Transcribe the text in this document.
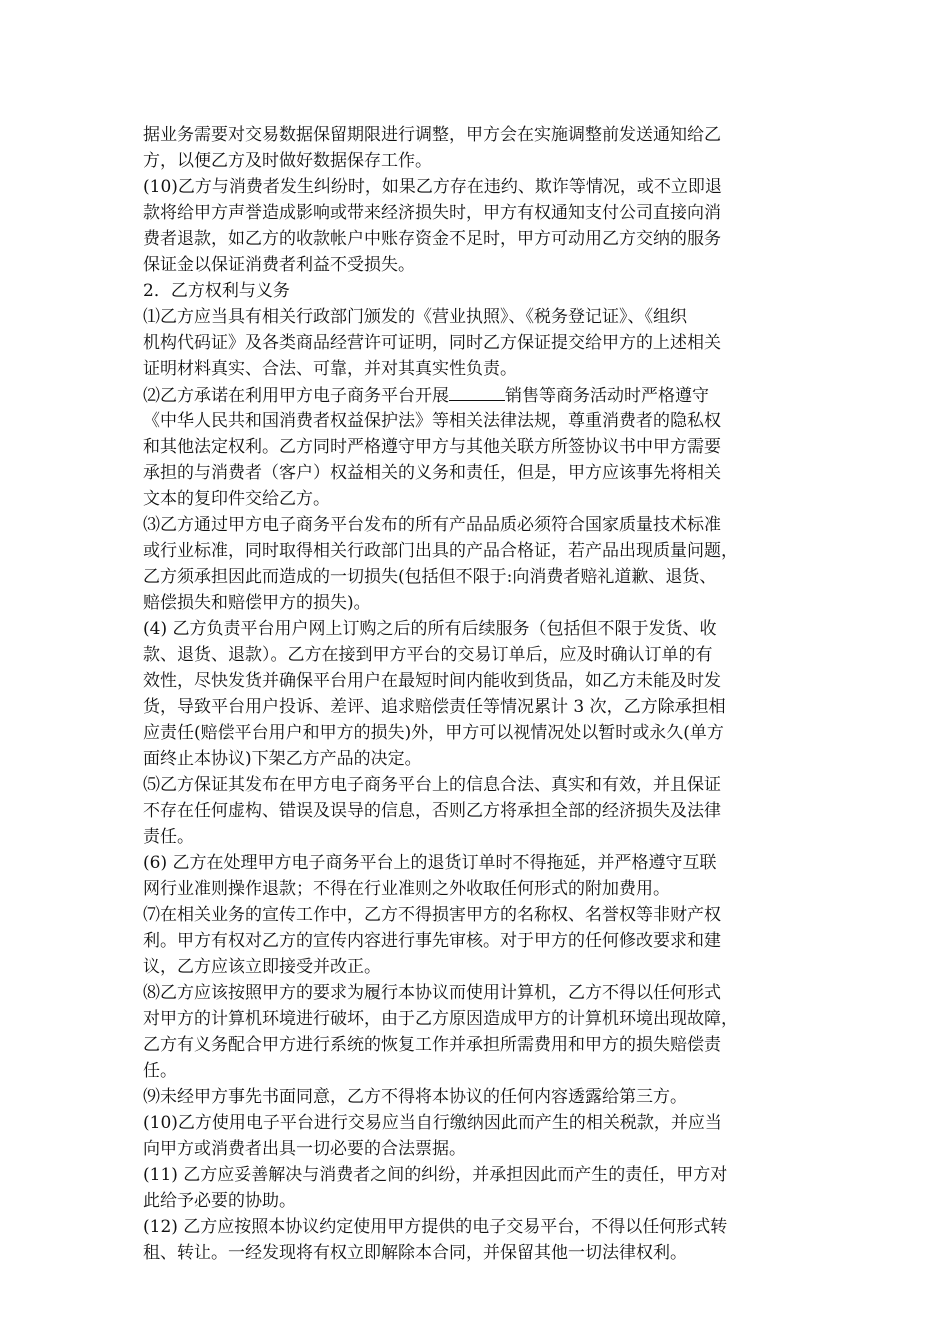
据业务需要对交易数据保留期限进行调整，甲方会在实施调整前发送通知给乙
方，以便乙方及时做好数据保存工作。
(10)乙方与消费者发生纠纷时，如果乙方存在违约、欺诈等情况，或不立即退
款将给甲方声誉造成影响或带来经济损失时，甲方有权通知支付公司直接向消
费者退款，如乙方的收款帐户中账存资金不足时，甲方可动用乙方交纳的服务
保证金以保证消费者利益不受损失。
2．乙方权利与义务
⑴乙方应当具有相关行政部门颁发的《营业执照》、《税务登记证》、《组织
机构代码证》及各类商品经营许可证明，同时乙方保证提交给甲方的上述相关
证明材料真实、合法、可靠，并对其真实性负责。
⑵乙方承诺在利用甲方电子商务平台开展	销售等商务活动时严格遵守
《中华人民共和国消费者权益保护法》等相关法律法规，尊重消费者的隐私权
和其他法定权利。乙方同时严格遵守甲方与其他关联方所签协议书中甲方需要
承担的与消费者（客户）权益相关的义务和责任，但是，甲方应该事先将相关
文本的复印件交给乙方。
⑶乙方通过甲方电子商务平台发布的所有产品品质必须符合国家质量技术标准
或行业标准，同时取得相关行政部门出具的产品合格证，若产品出现质量问题，
乙方须承担因此而造成的一切损失(包括但不限于:向消费者赔礼道歉、退货、
赔偿损失和赔偿甲方的损失)。
(4) 乙方负责平台用户网上订购之后的所有后续服务（包括但不限于发货、收
款、退货、退款）。乙方在接到甲方平台的交易订单后，应及时确认订单的有
效性，尽快发货并确保平台用户在最短时间内能收到货品，如乙方未能及时发
货，导致平台用户投诉、差评、追求赔偿责任等情况累计 3 次，乙方除承担相
应责任(赔偿平台用户和甲方的损失)外，甲方可以视情况处以暂时或永久(单方
面终止本协议)下架乙方产品的决定。
⑸乙方保证其发布在甲方电子商务平台上的信息合法、真实和有效，并且保证
不存在任何虚构、错误及误导的信息，否则乙方将承担全部的经济损失及法律
责任。
(6) 乙方在处理甲方电子商务平台上的退货订单时不得拖延，并严格遵守互联
网行业准则操作退款；不得在行业准则之外收取任何形式的附加费用。
⑺在相关业务的宣传工作中，乙方不得损害甲方的名称权、名誉权等非财产权
利。甲方有权对乙方的宣传内容进行事先审核。对于甲方的任何修改要求和建
议，乙方应该立即接受并改正。
⑻乙方应该按照甲方的要求为履行本协议而使用计算机，乙方不得以任何形式
对甲方的计算机环境进行破坏，由于乙方原因造成甲方的计算机环境出现故障，
乙方有义务配合甲方进行系统的恢复工作并承担所需费用和甲方的损失赔偿责
任。
⑼未经甲方事先书面同意，乙方不得将本协议的任何内容透露给第三方。
(10)乙方使用电子平台进行交易应当自行缴纳因此而产生的相关税款，并应当
向甲方或消费者出具一切必要的合法票据。
(11) 乙方应妥善解决与消费者之间的纠纷，并承担因此而产生的责任，甲方对
此给予必要的协助。
(12) 乙方应按照本协议约定使用甲方提供的电子交易平台，不得以任何形式转
租、转让。一经发现将有权立即解除本合同，并保留其他一切法律权利。
